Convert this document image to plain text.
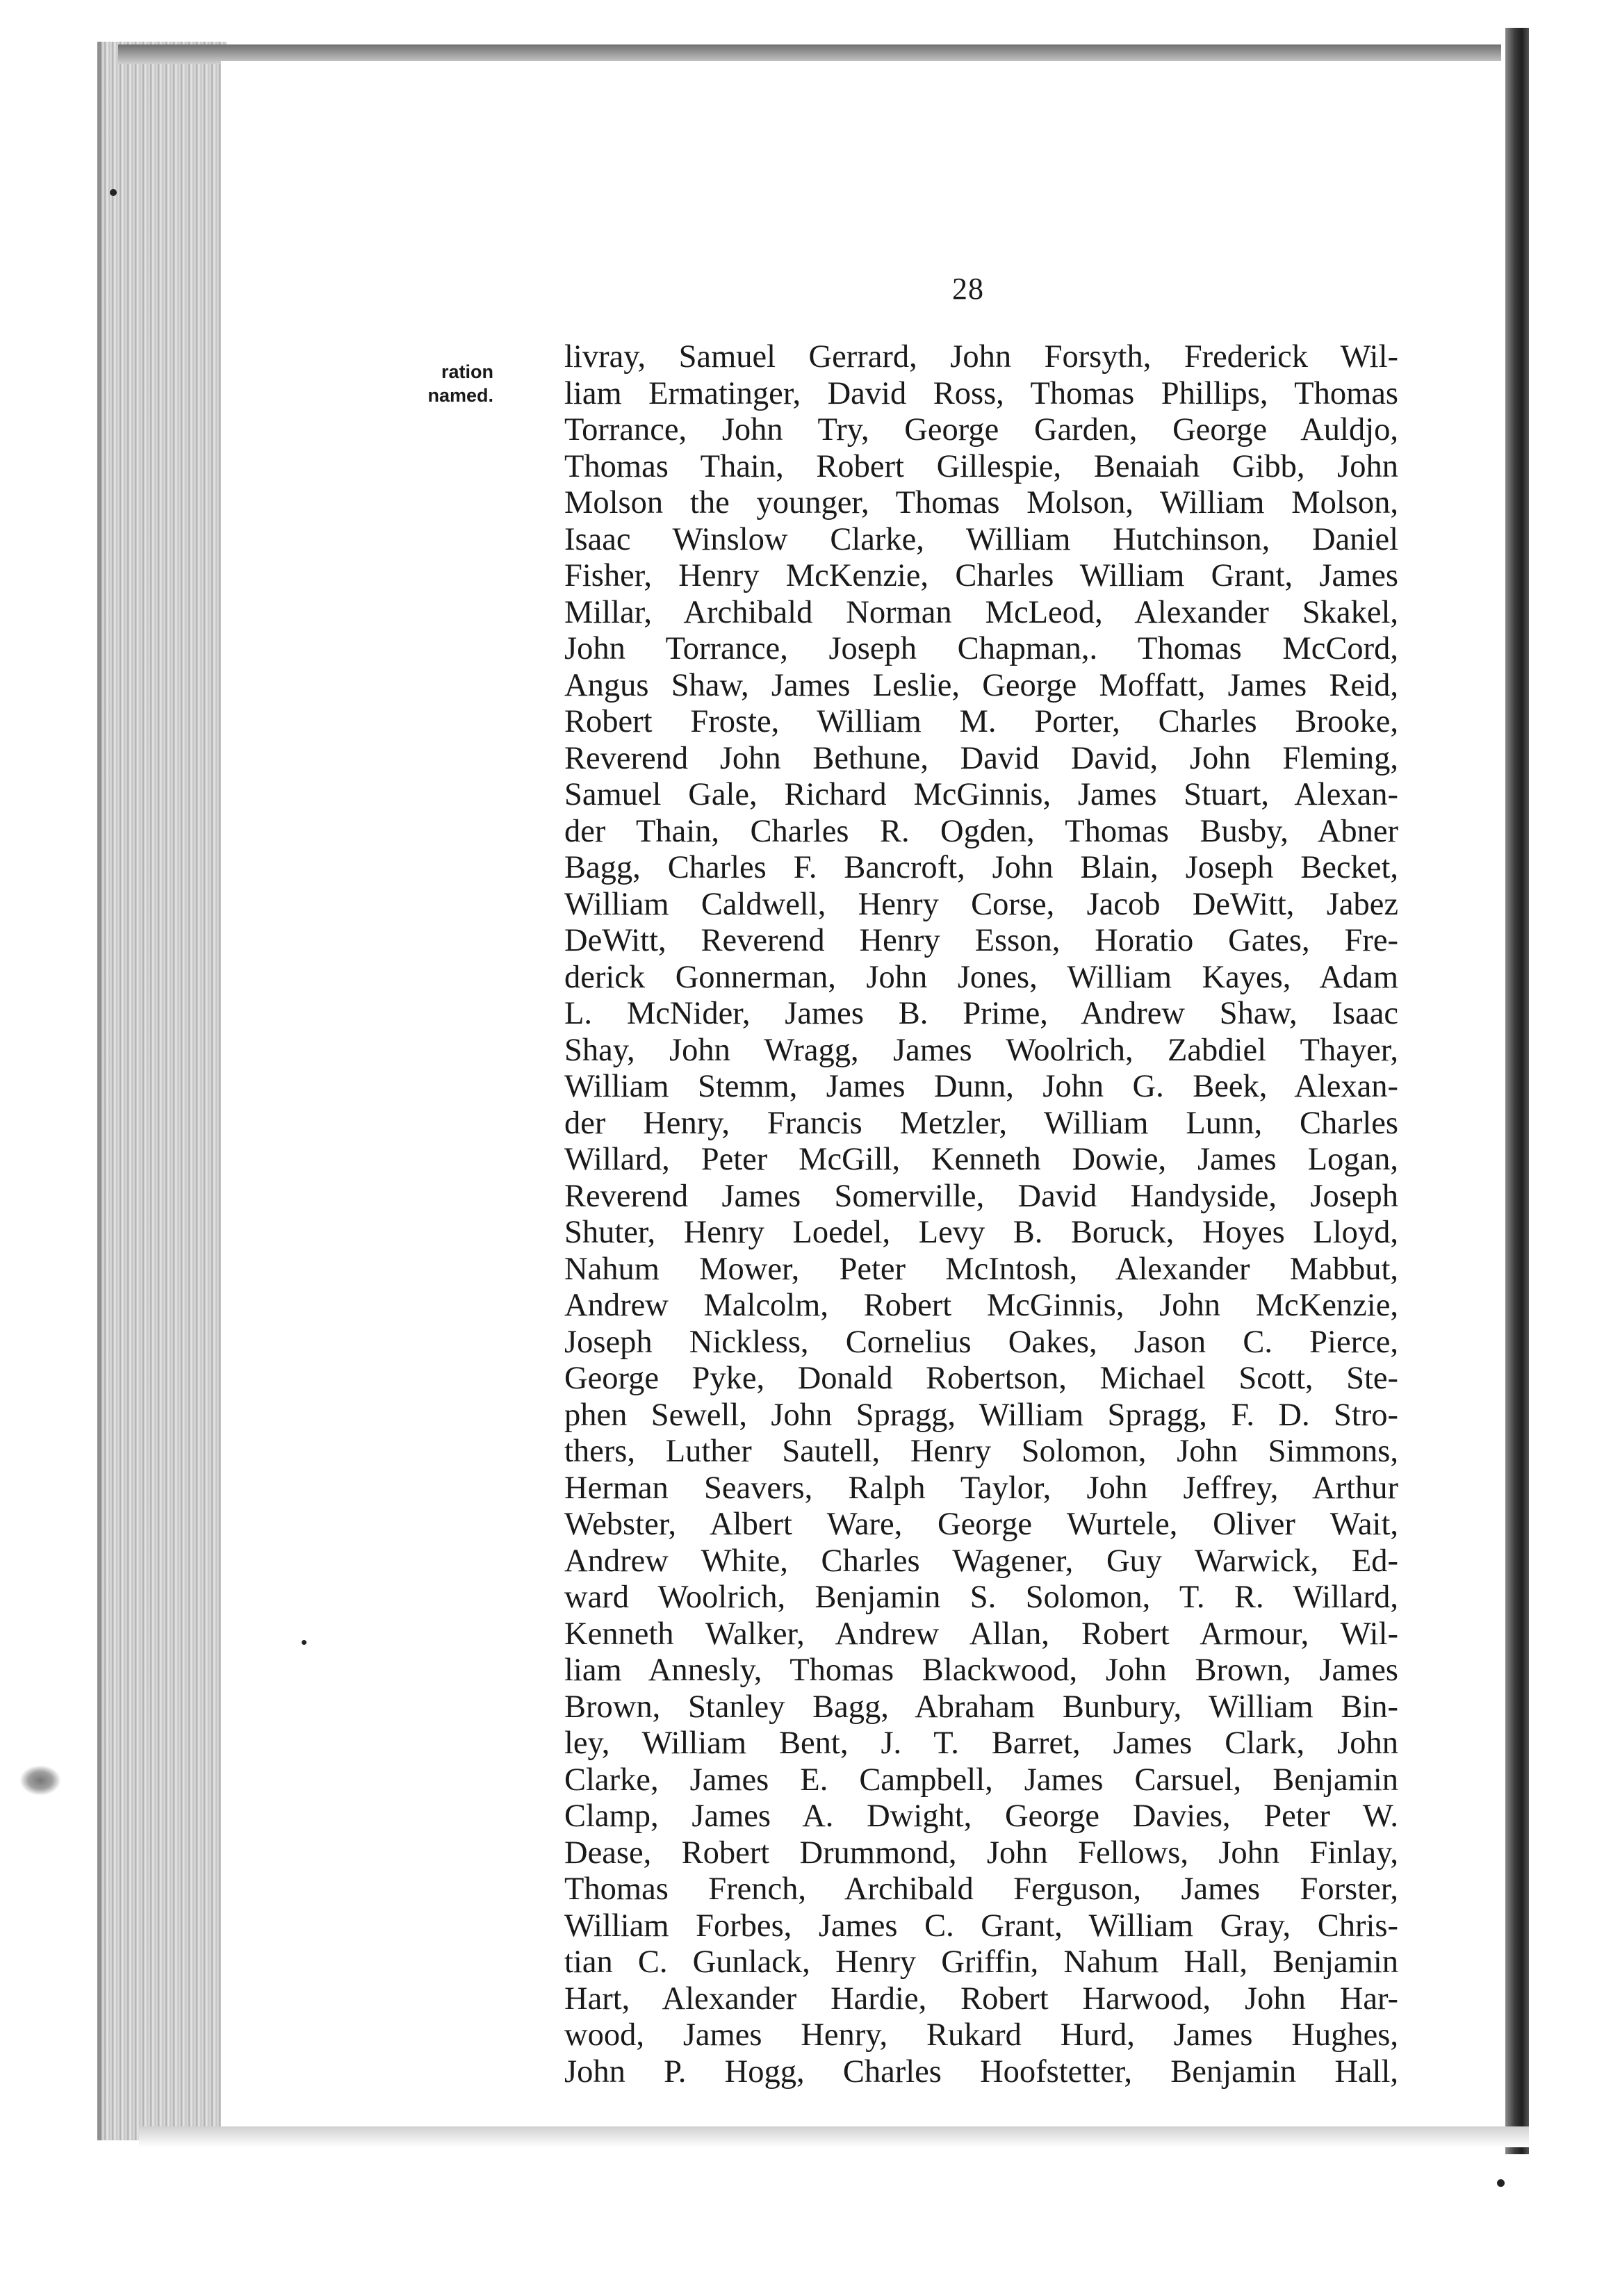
28
ration
named.
livray, Samuel Gerrard, John Forsyth, Frederick Wil-
liam Ermatinger, David Ross, Thomas Phillips, Thomas
Torrance, John Try, George Garden, George Auldjo,
Thomas Thain, Robert Gillespie, Benaiah Gibb, John
Molson the younger, Thomas Molson, William Molson,
Isaac Winslow Clarke, William Hutchinson, Daniel
Fisher, Henry McKenzie, Charles William Grant, James
Millar, Archibald Norman McLeod, Alexander Skakel,
John Torrance, Joseph Chapman,. Thomas McCord,
Angus Shaw, James Leslie, George Moffatt, James Reid,
Robert Froste, William M. Porter, Charles Brooke,
Reverend John Bethune, David David, John Fleming,
Samuel Gale, Richard McGinnis, James Stuart, Alexan-
der Thain, Charles R. Ogden, Thomas Busby, Abner
Bagg, Charles F. Bancroft, John Blain, Joseph Becket,
William Caldwell, Henry Corse, Jacob DeWitt, Jabez
DeWitt, Reverend Henry Esson, Horatio Gates, Fre-
derick Gonnerman, John Jones, William Kayes, Adam
L. McNider, James B. Prime, Andrew Shaw, Isaac
Shay, John Wragg, James Woolrich, Zabdiel Thayer,
William Stemm, James Dunn, John G. Beek, Alexan-
der Henry, Francis Metzler, William Lunn, Charles
Willard, Peter McGill, Kenneth Dowie, James Logan,
Reverend James Somerville, David Handyside, Joseph
Shuter, Henry Loedel, Levy B. Boruck, Hoyes Lloyd,
Nahum Mower, Peter McIntosh, Alexander Mabbut,
Andrew Malcolm, Robert McGinnis, John McKenzie,
Joseph Nickless, Cornelius Oakes, Jason C. Pierce,
George Pyke, Donald Robertson, Michael Scott, Ste-
phen Sewell, John Spragg, William Spragg, F. D. Stro-
thers, Luther Sautell, Henry Solomon, John Simmons,
Herman Seavers, Ralph Taylor, John Jeffrey, Arthur
Webster, Albert Ware, George Wurtele, Oliver Wait,
Andrew White, Charles Wagener, Guy Warwick, Ed-
ward Woolrich, Benjamin S. Solomon, T. R. Willard,
Kenneth Walker, Andrew Allan, Robert Armour, Wil-
liam Annesly, Thomas Blackwood, John Brown, James
Brown, Stanley Bagg, Abraham Bunbury, William Bin-
ley, William Bent, J. T. Barret, James Clark, John
Clarke, James E. Campbell, James Carsuel, Benjamin
Clamp, James A. Dwight, George Davies, Peter W.
Dease, Robert Drummond, John Fellows, John Finlay,
Thomas French, Archibald Ferguson, James Forster,
William Forbes, James C. Grant, William Gray, Chris-
tian C. Gunlack, Henry Griffin, Nahum Hall, Benjamin
Hart, Alexander Hardie, Robert Harwood, John Har-
wood, James Henry, Rukard Hurd, James Hughes,
John P. Hogg, Charles Hoofstetter, Benjamin Hall,
